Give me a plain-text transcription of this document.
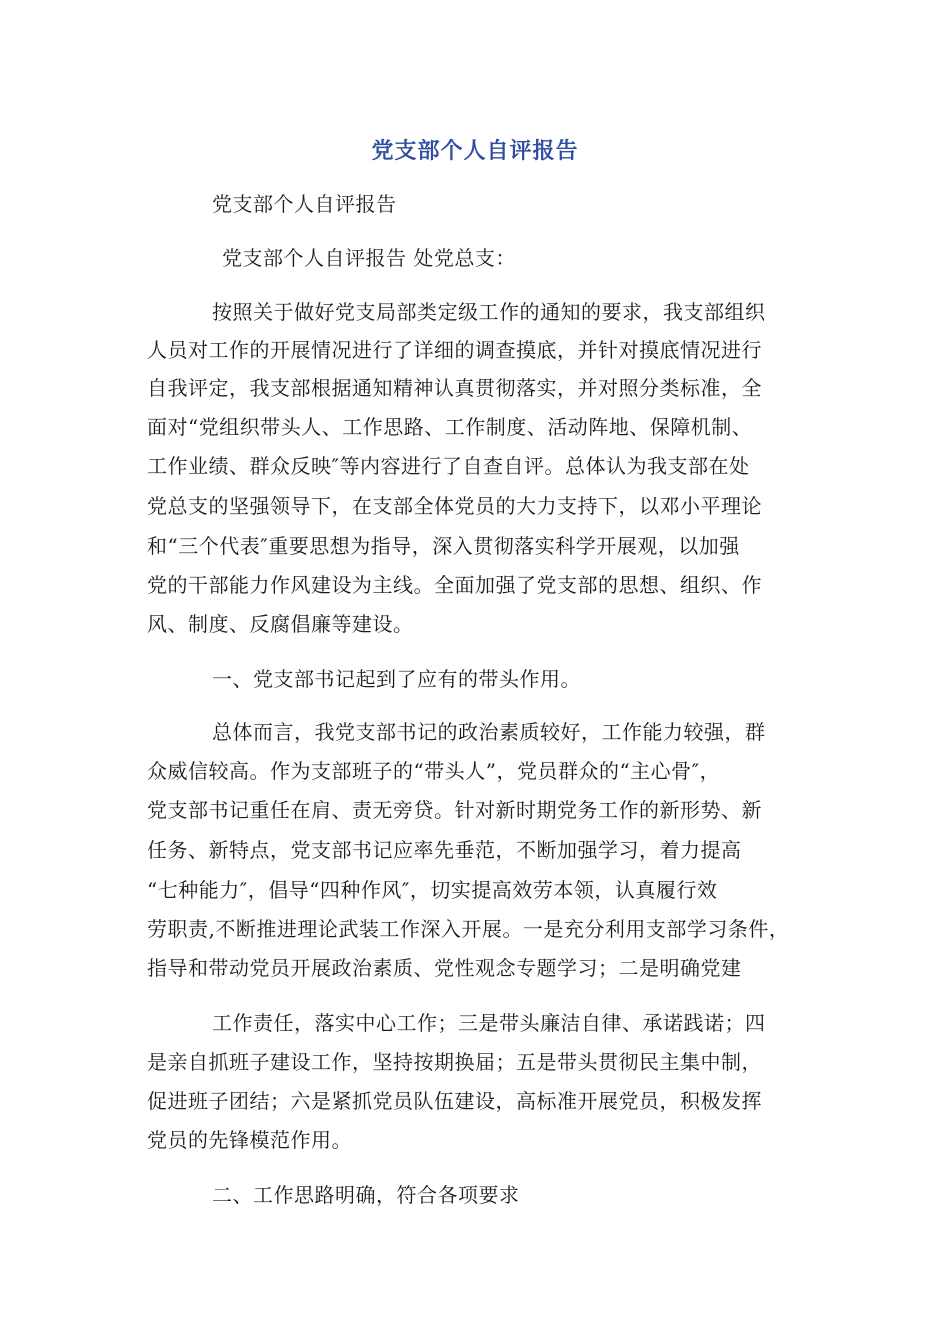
党支部个人自评报告
党支部个人自评报告
党支部个人自评报告 处党总支：
按照关于做好党支局部类定级工作的通知的要求，我支部组织
人员对工作的开展情况进行了详细的调查摸底，并针对摸底情况进行
自我评定，我支部根据通知精神认真贯彻落实，并对照分类标准，全
面对“党组织带头人、工作思路、工作制度、活动阵地、保障机制、
工作业绩、群众反映″等内容进行了自查自评。总体认为我支部在处
党总支的坚强领导下，在支部全体党员的大力支持下，以邓小平理论
和“三个代表″重要思想为指导，深入贯彻落实科学开展观，以加强
党的干部能力作风建设为主线。全面加强了党支部的思想、组织、作
风、制度、反腐倡廉等建设。
一、党支部书记起到了应有的带头作用。
总体而言，我党支部书记的政治素质较好，工作能力较强，群
众威信较高。作为支部班子的“带头人”，党员群众的“主心骨″，
党支部书记重任在肩、责无旁贷。针对新时期党务工作的新形势、新
任务、新特点，党支部书记应率先垂范，不断加强学习，着力提高
“七种能力″，倡导“四种作风″，切实提高效劳本领，认真履行效
劳职责,不断推进理论武装工作深入开展。一是充分利用支部学习条件，
指导和带动党员开展政治素质、党性观念专题学习；二是明确党建
工作责任，落实中心工作；三是带头廉洁自律、承诺践诺；四
是亲自抓班子建设工作，坚持按期换届；五是带头贯彻民主集中制，
促进班子团结；六是紧抓党员队伍建设，高标准开展党员，积极发挥
党员的先锋模范作用。
二、工作思路明确，符合各项要求
